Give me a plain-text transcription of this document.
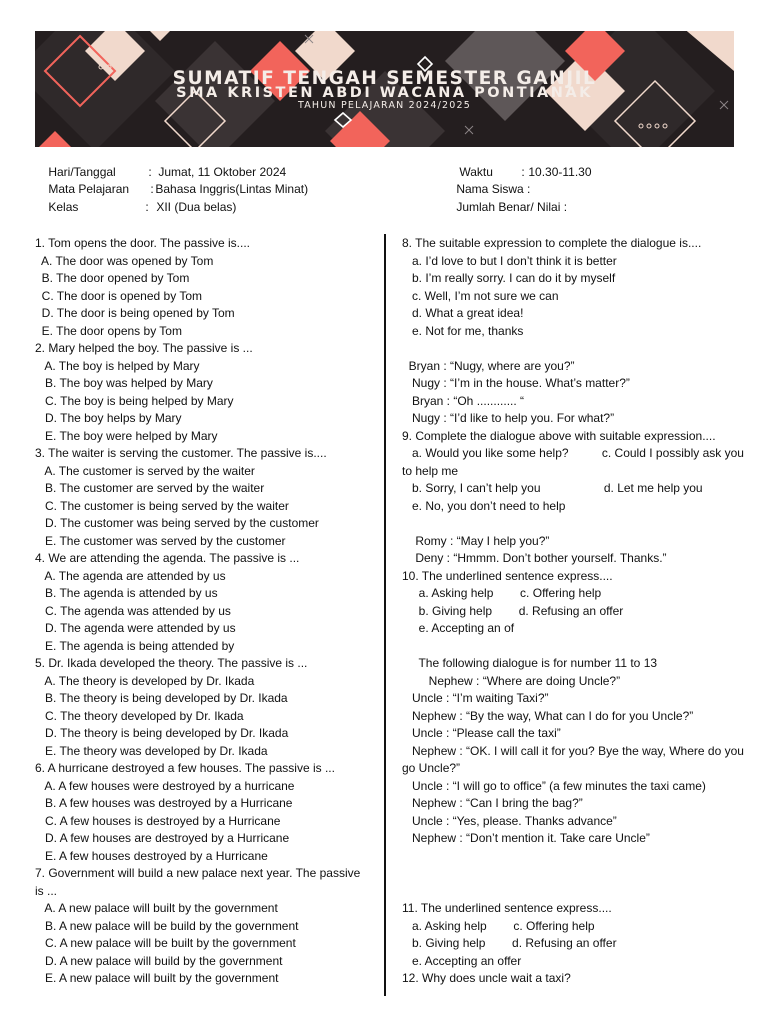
SUMATIF TENGAH SEMESTER GANJIL
SMA KRISTEN ABDI WACANA PONTIANAK
TAHUN PELAJARAN 2024/2025

Hari/Tanggal	: Jumat, 11 Oktober 2024

Mata Pelajaran : Bahasa Inggris(Lintas Minat)

Kelas	: XII (Dua belas)

Waktu : 10.30-11.30

Nama Siswa :

Jumlah Benar/ Nilai :

1. Tom opens the door. The passive is....
A. The door was opened by Tom
B. The door opened by Tom
C. The door is opened by Tom
D. The door is being opened by Tom
E. The door opens by Tom
2. Mary helped the boy. The passive is ...
A. The boy is helped by Mary
B. The boy was helped by Mary
C. The boy is being helped by Mary
D. The boy helps by Mary
E. The boy were helped by Mary
3. The waiter is serving the customer. The passive is....
A. The customer is served by the waiter
B. The customer are served by the waiter
C. The customer is being served by the waiter
D. The customer was being served by the customer
E. The customer was served by the customer
4. We are attending the agenda. The passive is ...
A. The agenda are attended by us
B. The agenda is attended by us
C. The agenda was attended by us
D. The agenda were attended by us
E. The agenda is being attended by
5. Dr. Ikada developed the theory. The passive is ...
A. The theory is developed by Dr. Ikada
B. The theory is being developed by Dr. Ikada
C. The theory developed by Dr. Ikada
D. The theory is being developed by Dr. Ikada
E. The theory was developed by Dr. Ikada
6. A hurricane destroyed a few houses. The passive is ...
A. A few houses were destroyed by a hurricane
B. A few houses was destroyed by a Hurricane
C. A few houses is destroyed by a Hurricane
D. A few houses are destroyed by a Hurricane
E. A few houses destroyed by a Hurricane
7. Government will build a new palace next year. The passive
is ...
A. A new palace will built by the government
B. A new palace will be build by the government
C. A new palace will be built by the government
D. A new palace will build by the government
E. A new palace will built by the government
8. The suitable expression to complete the dialogue is....
a. I’d love to but I don’t think it is better
b. I’m really sorry. I can do it by myself
c. Well, I’m not sure we can
d. What a great idea!
e. Not for me, thanks
Bryan : “Nugy, where are you?”
Nugy : “I’m in the house. What’s matter?”
Bryan : “Oh ............ “
Nugy : “I’d like to help you. For what?”
9. Complete the dialogue above with suitable expression....
a. Would you like some help?          c. Could I possibly ask you
to help me
b. Sorry, I can’t help you                   d. Let me help you
e. No, you don’t need to help
Romy : “May I help you?”
Deny : “Hmmm. Don’t bother yourself. Thanks.”
10. The underlined sentence express....
a. Asking help        c. Offering help
b. Giving help        d. Refusing an offer
e. Accepting an of
The following dialogue is for number 11 to 13
Nephew : “Where are doing Uncle?”
Uncle : “I’m waiting Taxi?”
Nephew : “By the way, What can I do for you Uncle?”
Uncle : “Please call the taxi”
Nephew : “OK. I will call it for you? Bye the way, Where do you
go Uncle?”
Uncle : “I will go to office” (a few minutes the taxi came)
Nephew : “Can I bring the bag?”
Uncle : “Yes, please. Thanks advance”
Nephew : “Don’t mention it. Take care Uncle”
11. The underlined sentence express....
a. Asking help        c. Offering help
b. Giving help        d. Refusing an offer
e. Accepting an offer
12. Why does uncle wait a taxi?
